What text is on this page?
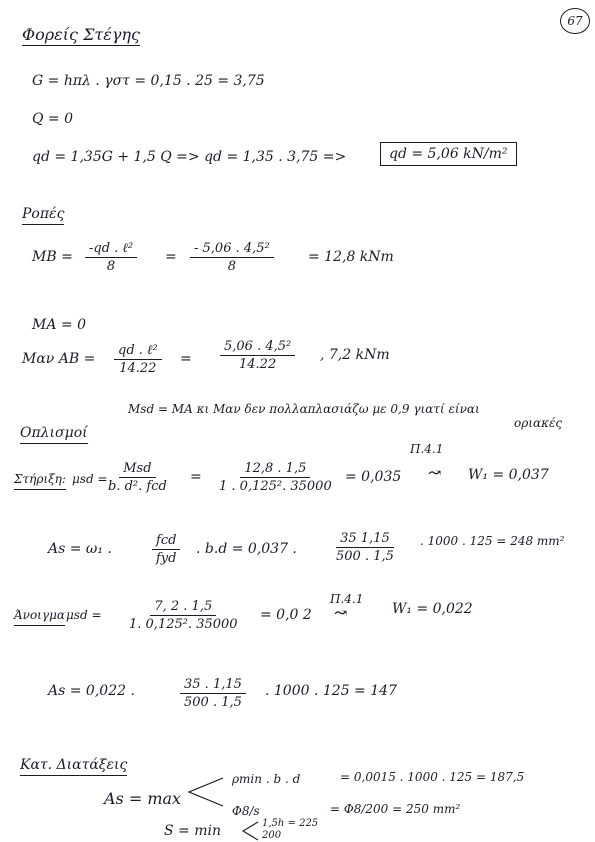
67
Φορείς Στέγης
G = hπλ . γστ = 0,15 . 25 = 3,75
Q = 0
qd = 1,35G + 1,5 Q => qd = 1,35 . 3,75 =>	qd = 5,06 kN/m²
Ροπές
MB =
-qd . ℓ²
8
= $\frac{\text{- 5,06 . 4,5²}}{8} = 12,8$ kNm
MA = 0
Mαν AB =
qd . ℓ²
14.22
= $\frac{\text{5,06 . 4,5²}}{14.22}$ , 7,2 kNm
Msd = MA κι Mαν δεν πολλαπλασιάζω με 0,9 γιατί είναι
οριακές
Οπλισμοί
Π.4.1
Στήριξη: μsd =
Msd
b. d². fcd
= $\frac{12,8 . 1,5}{\text{1 . 0,125². 35000}} = 0,035$ ↝ W₁ = 0,037
As = ω₁ .
fcd
fyd
. b.d = 0,037 .	$\frac{35 1,15}{500 . 1,5}$ . 1000 . 125 = 248 mm²
Π.4.1
Άνοιγμα $\mu sd = \frac{7, 2 . 1,5}{\text{1. 0,125². 35000}} = 0,0$ 2 ↝	W₁ = 0,022
As = 0,022 .	$\frac{35 . 1,15}{500 . 1,5}$ . 1000 . 125 = 147
Κατ. Διατάξεις
As = max
ρmin . b . d	= 0,0015 . 1000 . 125 = 187,5
Φ8/s	= Φ8/200 = 250 mm²
S = min	1,5h = 225
200
